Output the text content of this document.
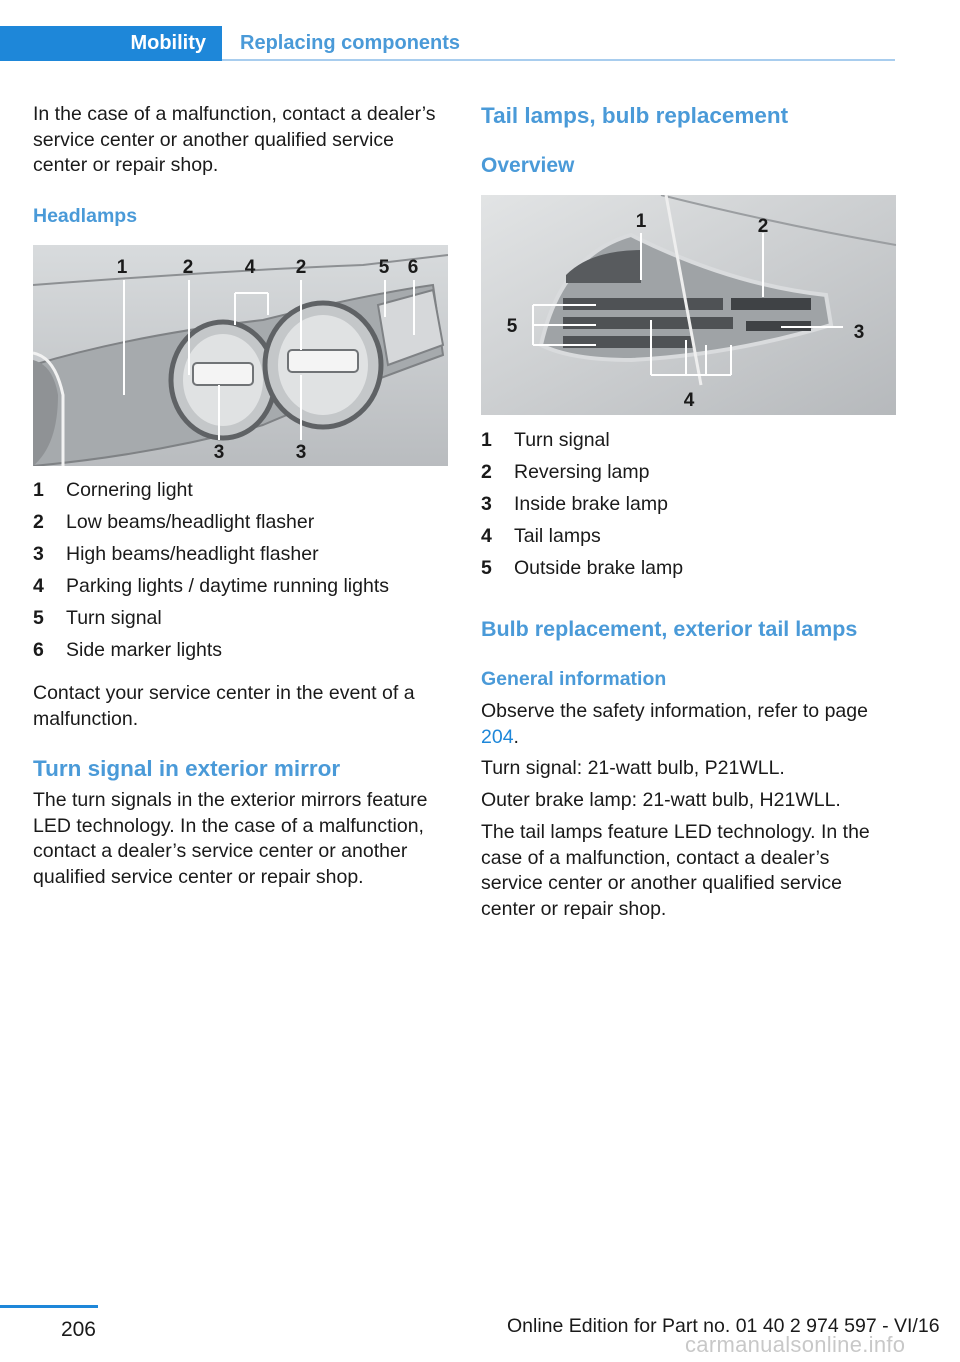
Mobility	Replacing components

In the case of a malfunction, contact a dealer’s service center or another qualified service center or repair shop.

Headlamps
1	2	4 2	5 6
3	3
1	Cornering light
2	Low beams/headlight flasher
3	High beams/headlight flasher
4	Parking lights / daytime running lights
5	Turn signal
6	Side marker lights

Contact your service center in the event of a malfunction.

Turn signal in exterior mirror

The turn signals in the exterior mirrors feature LED technology. In the case of a malfunction, contact a dealer’s service center or another qualified service center or repair shop.

Tail lamps, bulb replacement
Overview
1	2
3
5
4
1	Turn signal
2	Reversing lamp
3	Inside brake lamp
4	Tail lamps
5	Outside brake lamp
Bulb replacement, exterior tail lamps
General information

Observe the safety information, refer to page 204.

Turn signal: 21-watt bulb, P21WLL.

Outer brake lamp: 21-watt bulb, H21WLL.

The tail lamps feature LED technology. In the case of a malfunction, contact a dealer’s service center or another qualified service center or repair shop.

206	Online Edition for Part no. 01 40 2 974 597 - VI/16
carmanualsonline.info
